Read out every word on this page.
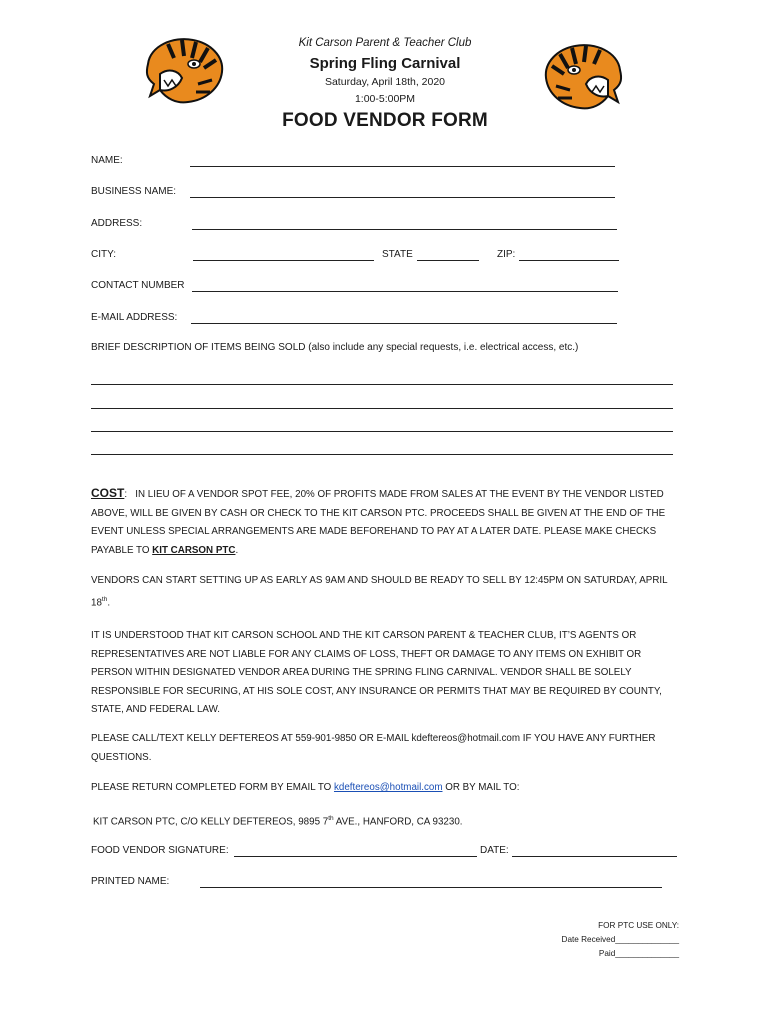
Kit Carson Parent & Teacher Club
Spring Fling Carnival
Saturday, April 18th, 2020
1:00-5:00PM
FOOD VENDOR FORM
NAME:
BUSINESS NAME:
ADDRESS:
CITY:	STATE	ZIP:
CONTACT NUMBER
E-MAIL ADDRESS:
BRIEF DESCRIPTION OF ITEMS BEING SOLD (also include any special requests, i.e. electrical access, etc.)
COST: IN LIEU OF A VENDOR SPOT FEE, 20% OF PROFITS MADE FROM SALES AT THE EVENT BY THE VENDOR LISTED ABOVE, WILL BE GIVEN BY CASH OR CHECK TO THE KIT CARSON PTC. PROCEEDS SHALL BE GIVEN AT THE END OF THE EVENT UNLESS SPECIAL ARRANGEMENTS ARE MADE BEFOREHAND TO PAY AT A LATER DATE. PLEASE MAKE CHECKS PAYABLE TO KIT CARSON PTC.
VENDORS CAN START SETTING UP AS EARLY AS 9AM AND SHOULD BE READY TO SELL BY 12:45PM ON SATURDAY, APRIL 18th.
IT IS UNDERSTOOD THAT KIT CARSON SCHOOL AND THE KIT CARSON PARENT & TEACHER CLUB, IT’S AGENTS OR REPRESENTATIVES ARE NOT LIABLE FOR ANY CLAIMS OF LOSS, THEFT OR DAMAGE TO ANY ITEMS ON EXHIBIT OR PERSON WITHIN DESIGNATED VENDOR AREA DURING THE SPRING FLING CARNIVAL. VENDOR SHALL BE SOLELY RESPONSIBLE FOR SECURING, AT HIS SOLE COST, ANY INSURANCE OR PERMITS THAT MAY BE REQUIRED BY COUNTY, STATE, AND FEDERAL LAW.
PLEASE CALL/TEXT KELLY DEFTEREOS AT 559-901-9850 OR E-MAIL kdeftereos@hotmail.com IF YOU HAVE ANY FURTHER QUESTIONS.
PLEASE RETURN COMPLETED FORM BY EMAIL TO kdeftereos@hotmail.com OR BY MAIL TO:
KIT CARSON PTC, C/O KELLY DEFTEREOS, 9895 7th AVE., HANFORD, CA 93230.
FOOD VENDOR SIGNATURE:	DATE:
PRINTED NAME:
FOR PTC USE ONLY:
Date Received______________
Paid______________
